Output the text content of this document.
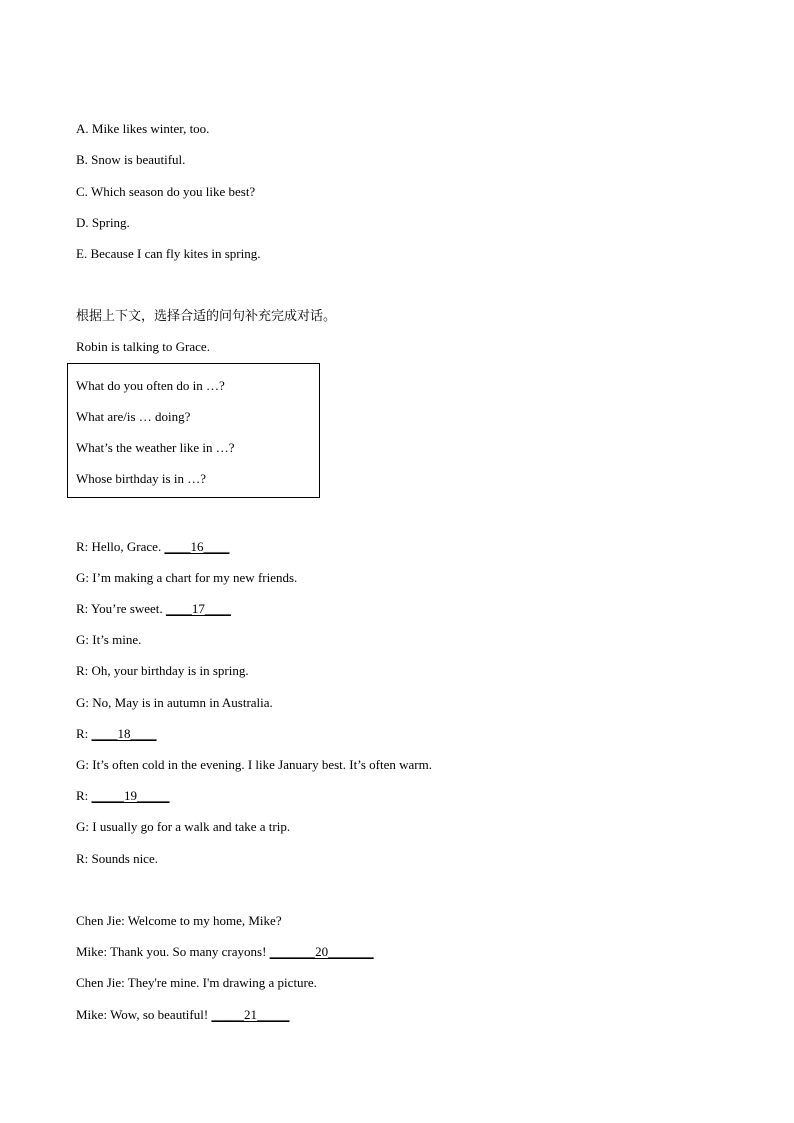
A. Mike likes winter, too.
B. Snow is beautiful.
C. Which season do you like best?
D. Spring.
E. Because I can fly kites in spring.
根据上下文，选择合适的问句补充完成对话。
Robin is talking to Grace.
What do you often do in …?
What are/is … doing?
What’s the weather like in …?
Whose birthday is in …?
R: Hello, Grace. ____16____
G: I’m making a chart for my new friends.
R: You’re sweet. ____17____
G: It’s mine.
R: Oh, your birthday is in spring.
G: No, May is in autumn in Australia.
R: ____18____
G: It’s often cold in the evening. I like January best. It’s often warm.
R: _____19_____
G: I usually go for a walk and take a trip.
R: Sounds nice.
Chen Jie: Welcome to my home, Mike?
Mike: Thank you. So many crayons! _______20_______
Chen Jie: They're mine. I'm drawing a picture.
Mike: Wow, so beautiful! _____21_____
